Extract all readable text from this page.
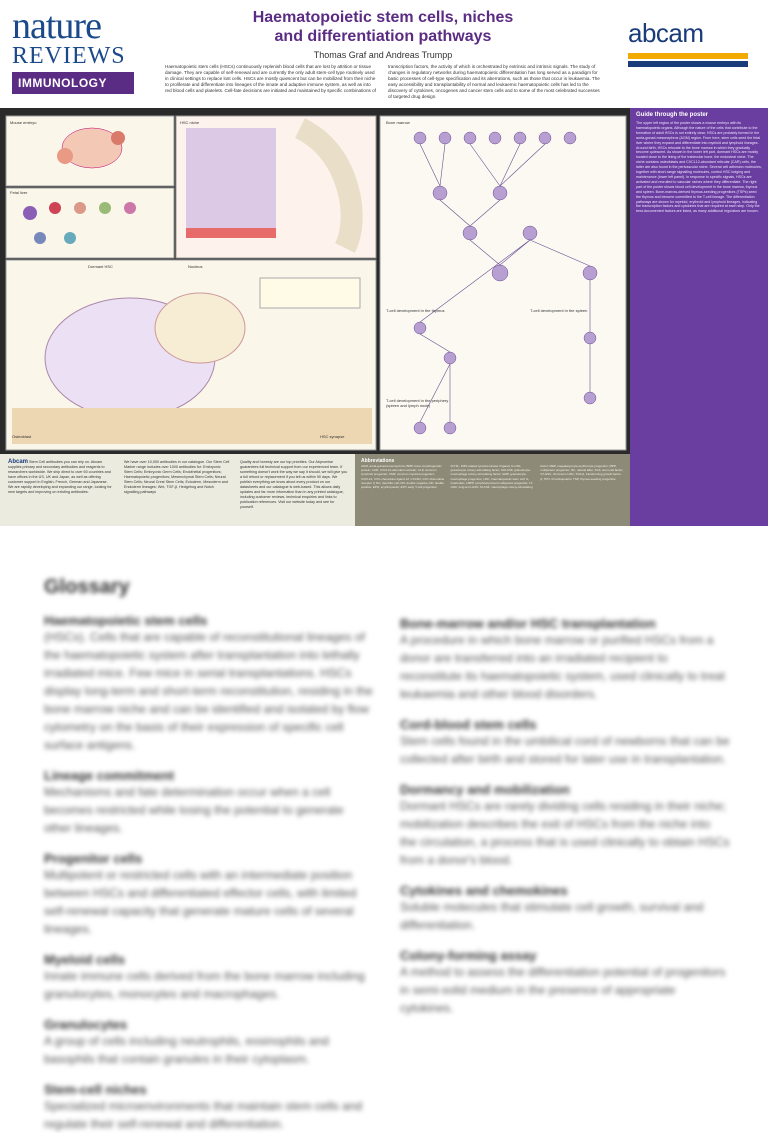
nature
REVIEWS
IMMUNOLOGY
Haematopoietic stem cells, niches
and differentiation pathways
Thomas Graf and Andreas Trumpp

Haematopoietic stem cells (HSCs) continuously replenish blood cells that are lost by attrition or tissue damage. They are capable of self-renewal and are currently the only adult stem-cell type routinely used in clinical settings to replace lost cells. HSCs are mostly quiescent but can be mobilized from their niche to proliferate and differentiate into lineages of the innate and adaptive immune system, as well as into red blood cells and platelets. Cell-fate decisions are initiated and maintained by specific combinations of

transcription factors, the activity of which is orchestrated by extrinsic and intrinsic signals. The study of changes in regulatory networks during haematopoietic differentiation has long served as a paradigm for basic processes of cell-type specification and its aberrations, such as those that occur in leukaemia. The easy accessibility and transplantability of normal and leukaemic haematopoietic cells has led to the discovery of cytokines, oncogenes and cancer stem cells and to some of the most celebrated successes of targeted drug design.

abcam
HSC niche	Bone marrow
Fetal liver
Mouse embryo
Dormant HSC	Nucleus
HSC synapse
Osteoblast
T-cell development in the thymus	T-cell development in the spleen
T-cell development in the periphery (spleen and lymph node)
Guide through the poster
The upper left region of the poster shows a mouse embryo with its haematopoietic organs. Although the nature of the cells that contribute to the formation of adult HSCs is not entirely clear, HSCs are probably formed in the aorta-gonad-mesonephros (AGM) region. From here, stem cells seed the fetal liver where they expand and differentiate into myeloid and lymphoid lineages. Around birth, HSCs relocate to the bone marrow in which they gradually become quiescent. As shown in the lower left part, dormant HSCs are mostly located close to the lining of the trabecular bone, the endosteal niche. The niche contains osteoblasts and CXCL12-abundant reticular (CAR) cells, the latter are also found in the perivascular niche. Several cell adhesion molecules, together with short-range signalling molecules, control HSC lodging and maintenance (lower left panel). In response to specific signals, HSCs are activated and recruited to vascular niches where they differentiate. The right part of the poster shows blood cell development in the bone marrow, thymus and spleen. Bone-marrow-derived thymus-seeding progenitors (TSPs) seed the thymus and become committed to the T-cell lineage. The differentiation pathways are shown for myeloid, erythroid and lymphoid lineages, indicating the transcription factors and cytokines that are required at each step. Only the best-documented factors are listed, as many additional regulators are known.
Abcam Stem Cell antibodies you can rely on. Abcam supplies primary and secondary antibodies and reagents to researchers worldwide. We ship direct to over 60 countries and have offices in the US, UK and Japan, as well as offering customer support in English, French, German and Japanese. We are rapidly developing and expanding our range, looking for new targets and improving on existing antibodies.
We have over 10,000 antibodies in our catalogue. Our Stem Cell Marker range includes over 1000 antibodies for: Embryonic Stem Cells; Embryonic Germ Cells; Endothelial progenitors; Haematopoietic progenitors; Mesenchymal Stem Cells; Neural Stem Cells; Neural Crest Stem Cells; Ectoderm, Mesoderm and Endoderm lineages; Wnt, TGF-β, Hedgehog and Notch signalling pathways
Quality and honesty are our top priorities. Our Abpromise guarantees full technical support from our experienced team. If something doesn't work the way we say it should, we will give you a full refund or replacement if you tell us within 90 days. We publish everything we know about every product on our datasheets and our catalogue is web-based. This allows daily updates and far more information than in any printed catalogue, including customer reviews, technical enquiries and links to publication references. Visit our website today and see for yourself.
Abbreviations
AGM, aorta-gonad-mesonephros; BMP, bone morphogenetic protein; CAR, CXCL12-abundant reticular; CLP, common lymphoid progenitor; CMP, common myeloid progenitor; CXCL12, CXC-chemokine ligand 12; CXCR4, CXC-chemokine receptor 4; DC, dendritic cell; DN, double negative; DP, double positive; EPO, erythropoietin; ETP, early T-cell progenitor; FLT3L, FMS-related tyrosine kinase 3 ligand; G-CSF, granulocyte colony-stimulating factor; GM-CSF, granulocyte-macrophage colony-stimulating factor; GMP, granulocyte-macrophage progenitor; HSC, haematopoietic stem cell; IL, interleukin; LMPP, lymphoid-primed multipotent progenitor; LT-HSC, long-term HSC; M-CSF, macrophage colony-stimulating factor; MEP, megakaryocyte-erythrocyte progenitor; MPP, multipotent progenitor; NK, natural killer; SCF, stem-cell factor; ST-HSC, short-term HSC; TGF-β, transforming growth factor-β; TPO, thrombopoietin; TSP, thymus-seeding progenitor.
Glossary
Haematopoietic stem cells
(HSCs). Cells that are capable of reconstitutional lineages of the haematopoietic system after transplantation into lethally irradiated mice. Few mice in serial transplantations. HSCs display long-term and short-term reconstitution, residing in the bone marrow niche and can be identified and isolated by flow cytometry on the basis of their expression of specific cell surface antigens.
Lineage commitment
Mechanisms and fate determination occur when a cell becomes restricted while losing the potential to generate other lineages.
Progenitor cells
Multipotent or restricted cells with an intermediate position between HSCs and differentiated effector cells, with limited self-renewal capacity that generate mature cells of several lineages.
Myeloid cells
Innate immune cells derived from the bone marrow including granulocytes, monocytes and macrophages.
Granulocytes
A group of cells including neutrophils, eosinophils and basophils that contain granules in their cytoplasm.
Stem-cell niches
Specialized microenvironments that maintain stem cells and regulate their self-renewal and differentiation.
Bone-marrow and/or HSC transplantation
A procedure in which bone marrow or purified HSCs from a donor are transferred into an irradiated recipient to reconstitute its haematopoietic system, used clinically to treat leukaemia and other blood disorders.
Cord-blood stem cells
Stem cells found in the umbilical cord of newborns that can be collected after birth and stored for later use in transplantation.
Dormancy and mobilization
Dormant HSCs are rarely dividing cells residing in their niche; mobilization describes the exit of HSCs from the niche into the circulation, a process that is used clinically to obtain HSCs from a donor's blood.
Cytokines and chemokines
Soluble molecules that stimulate cell growth, survival and differentiation.
Colony-forming assay
A method to assess the differentiation potential of progenitors in semi-solid medium in the presence of appropriate cytokines.
